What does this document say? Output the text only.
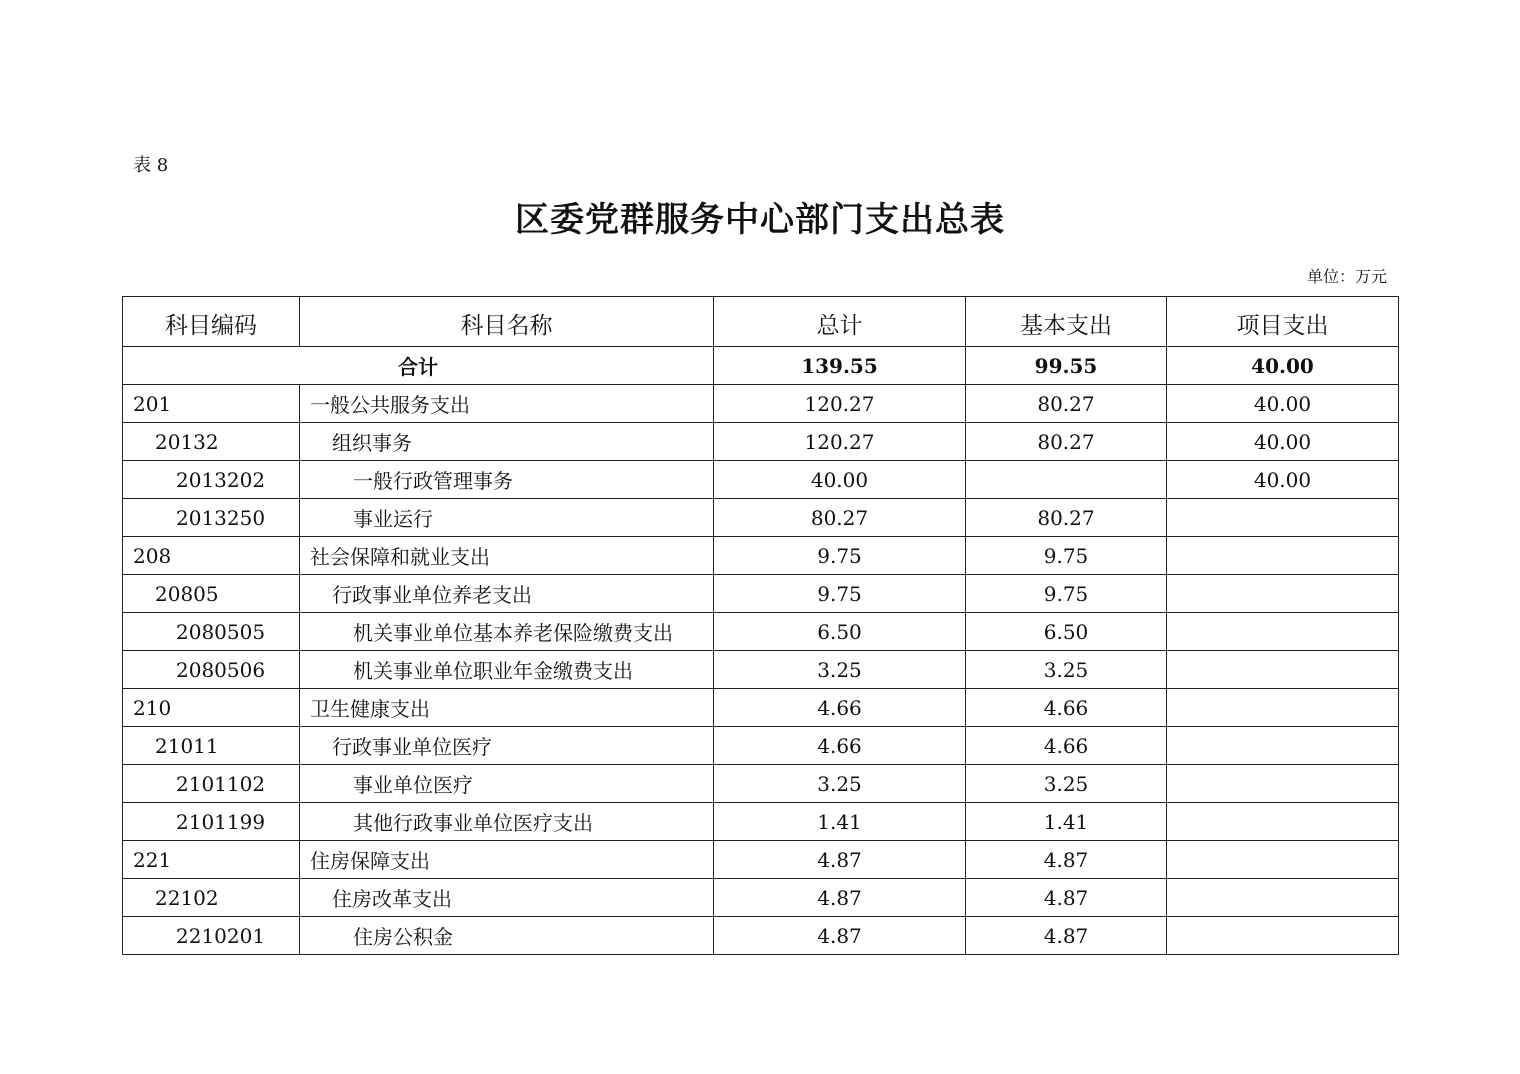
表 8
区委党群服务中心部门支出总表
单位：万元
科目编码	科目名称	总计	基本支出	项目支出
合计		139.55	99.55	40.00
201	一般公共服务支出	120.27	80.27	40.00
20132	组织事务	120.27	80.27	40.00
2013202	一般行政管理事务	40.00		40.00
2013250	事业运行	80.27	80.27	
208	社会保障和就业支出	9.75	9.75	
20805	行政事业单位养老支出	9.75	9.75	
2080505	机关事业单位基本养老保险缴费支出	6.50	6.50	
2080506	机关事业单位职业年金缴费支出	3.25	3.25	
210	卫生健康支出	4.66	4.66	
21011	行政事业单位医疗	4.66	4.66	
2101102	事业单位医疗	3.25	3.25	
2101199	其他行政事业单位医疗支出	1.41	1.41	
221	住房保障支出	4.87	4.87	
22102	住房改革支出	4.87	4.87	
2210201	住房公积金	4.87	4.87	
